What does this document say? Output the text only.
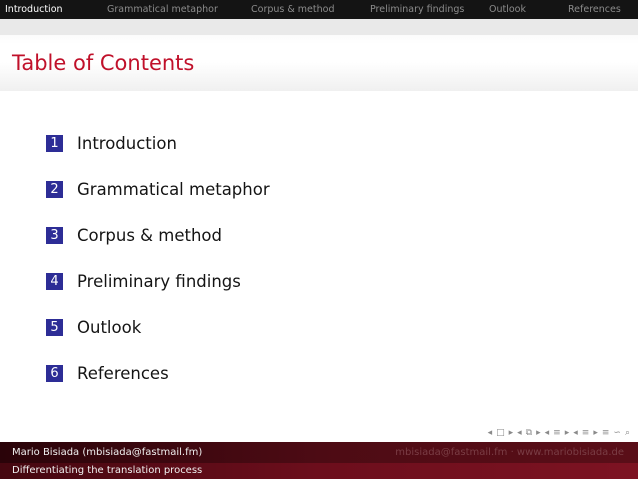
Introduction	Grammatical metaphor	Corpus & method	Preliminary findings	Outlook	References
Table of Contents
1 Introduction
2 Grammatical metaphor
3 Corpus & method
4 Preliminary findings
5 Outlook
6 References
◂ □ ▸ ◂ ⧉ ▸ ◂ ≡ ▸ ◂ ≡ ▸ ≡ ∽ ⌕
Mario Bisiada (mbisiada@fastmail.fm)	mbisiada@fastmail.fm · www.mariobisiada.de
Differentiating the translation process
